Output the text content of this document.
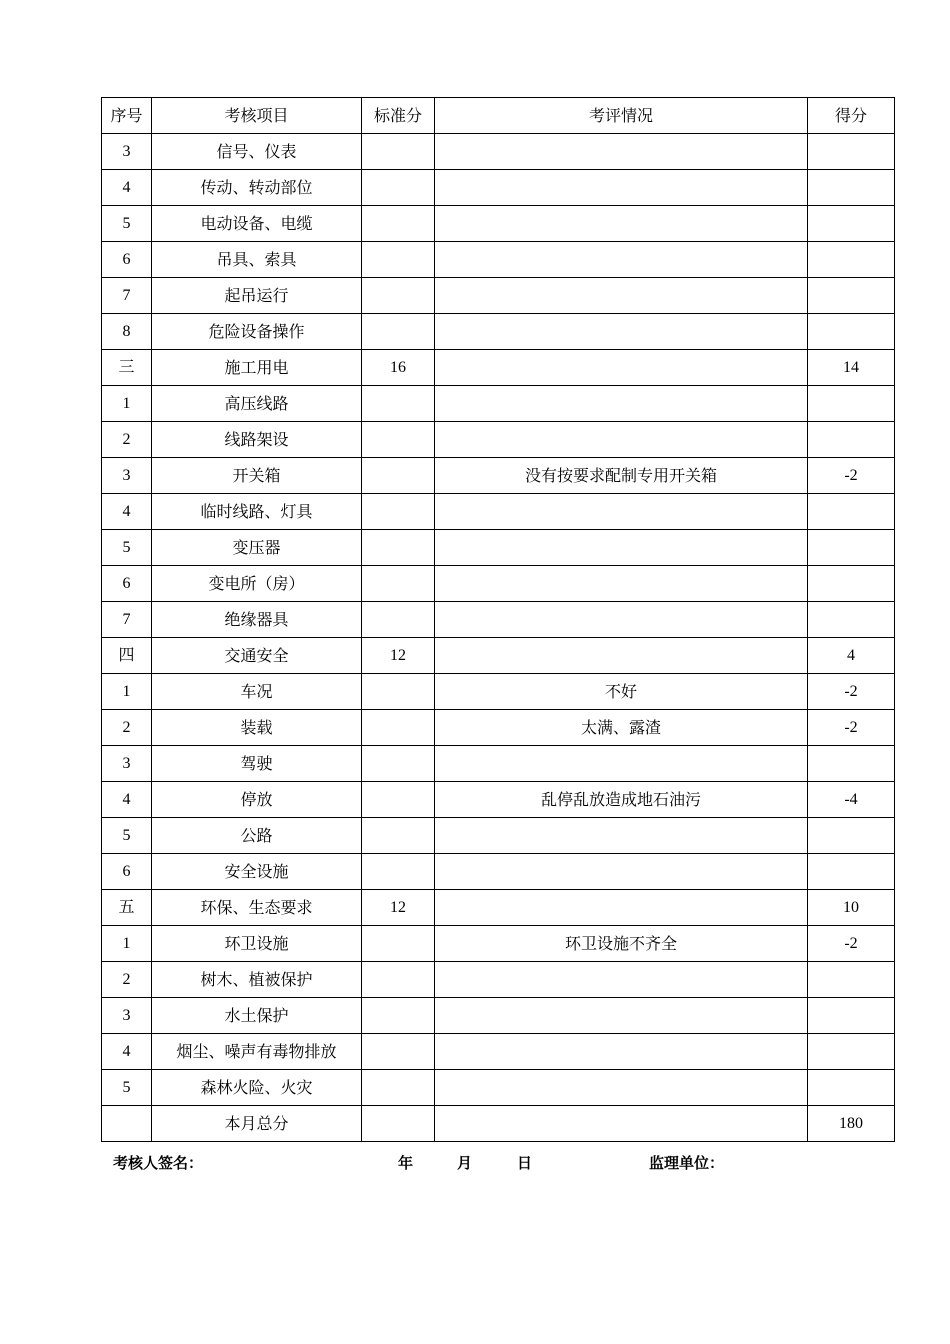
序号	考核项目	标准分	考评情况	得分
3	信号、仪表			
4	传动、转动部位			
5	电动设备、电缆			
6	吊具、索具			
7	起吊运行			
8	危险设备操作			
三	施工用电	16		14
1	高压线路			
2	线路架设			
3	开关箱		没有按要求配制专用开关箱	-2
4	临时线路、灯具			
5	变压器			
6	变电所（房）			
7	绝缘器具			
四	交通安全	12		4
1	车况		不好	-2
2	装载		太满、露渣	-2
3	驾驶			
4	停放		乱停乱放造成地石油污	-4
5	公路			
6	安全设施			
五	环保、生态要求	12		10
1	环卫设施		环卫设施不齐全	-2
2	树木、植被保护			
3	水土保护			
4	烟尘、噪声有毒物排放			
5	森林火险、火灾			
	本月总分			180
考核人签名：	年	月	日	监理单位：
